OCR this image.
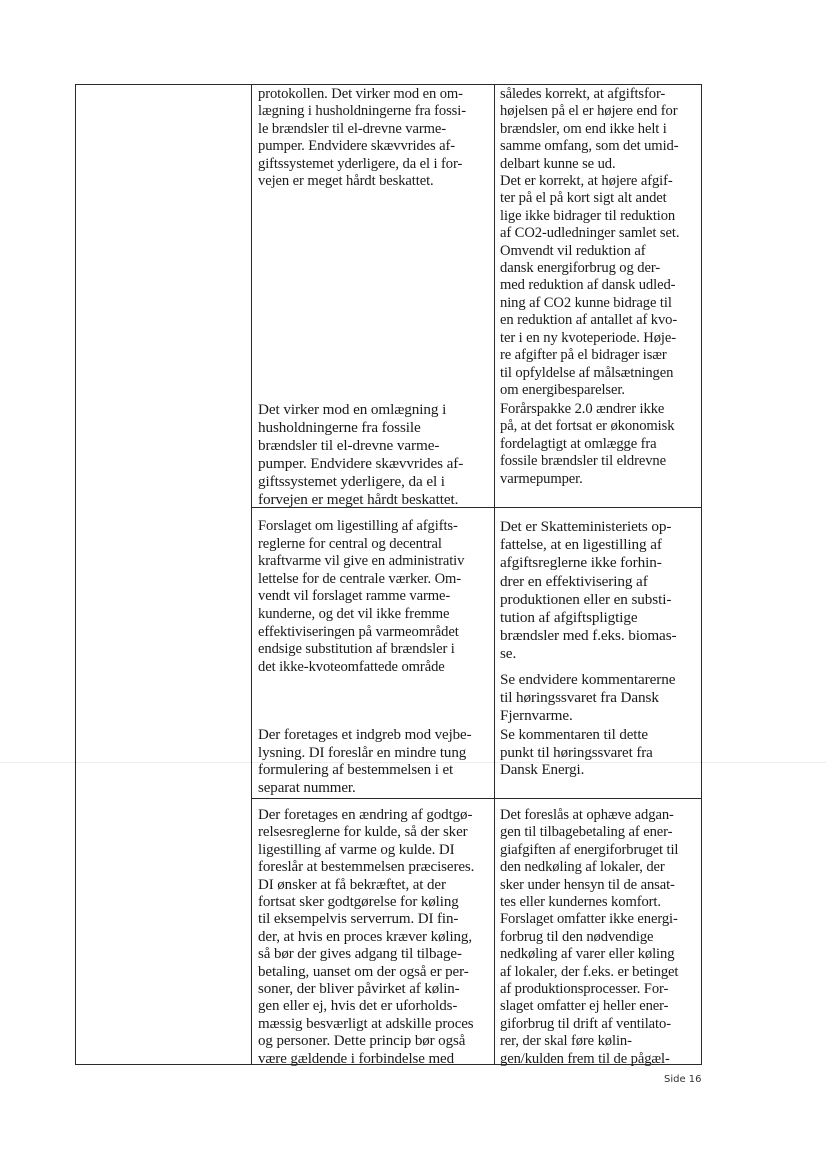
protokollen. Det virker mod en om-
lægning i husholdningerne fra fossi-
le brændsler til el-drevne varme-
pumper. Endvidere skævvrides af-
giftssystemet yderligere, da el i for-
vejen er meget hårdt beskattet.
således korrekt, at afgiftsfor-
højelsen på el er højere end for
brændsler, om end ikke helt i
samme omfang, som det umid-
delbart kunne se ud.
Det er korrekt, at højere afgif-
ter på el på kort sigt alt andet
lige ikke bidrager til reduktion
af CO2-udledninger samlet set.
Omvendt vil reduktion af
dansk energiforbrug og der-
med reduktion af dansk udled-
ning af CO2 kunne bidrage til
en reduktion af antallet af kvo-
ter i en ny kvoteperiode. Høje-
re afgifter på el bidrager især
til opfyldelse af målsætningen
om energibesparelser.
Det virker mod en omlægning i
husholdningerne fra fossile
brændsler til el-drevne varme-
pumper. Endvidere skævvrides af-
giftssystemet yderligere, da el i
forvejen er meget hårdt beskattet.
Forårspakke 2.0 ændrer ikke
på, at det fortsat er økonomisk
fordelagtigt at omlægge fra
fossile brændsler til eldrevne
varmepumper.
Forslaget om ligestilling af afgifts-
reglerne for central og decentral
kraftvarme vil give en administrativ
lettelse for de centrale værker. Om-
vendt vil forslaget ramme varme-
kunderne, og det vil ikke fremme
effektiviseringen på varmeområdet
endsige substitution af brændsler i
det ikke-kvoteomfattede område
Det er Skatteministeriets op-
fattelse, at en ligestilling af
afgiftsreglerne ikke forhin-
drer en effektivisering af
produktionen eller en substi-
tution af afgiftspligtige
brændsler med f.eks. biomas-
se.
Se endvidere kommentarerne
til høringssvaret fra Dansk
Fjernvarme.
Der foretages et indgreb mod vejbe-
lysning. DI foreslår en mindre tung
formulering af bestemmelsen i et
separat nummer.
Se kommentaren til dette
punkt til høringssvaret fra
Dansk Energi.
Der foretages en ændring af godtgø-
relsesreglerne for kulde, så der sker
ligestilling af varme og kulde. DI
foreslår at bestemmelsen præciseres.
DI ønsker at få bekræftet, at der
fortsat sker godtgørelse for køling
til eksempelvis serverrum. DI fin-
der, at hvis en proces kræver køling,
så bør der gives adgang til tilbage-
betaling, uanset om der også er per-
soner, der bliver påvirket af kølin-
gen eller ej, hvis det er uforholds-
mæssig besværligt at adskille proces
og personer. Dette princip bør også
være gældende i forbindelse med
Det foreslås at ophæve adgan-
gen til tilbagebetaling af ener-
giafgiften af energiforbruget til
den nedkøling af lokaler, der
sker under hensyn til de ansat-
tes eller kundernes komfort.
Forslaget omfatter ikke energi-
forbrug til den nødvendige
nedkøling af varer eller køling
af lokaler, der f.eks. er betinget
af produktionsprocesser. For-
slaget omfatter ej heller ener-
giforbrug til drift af ventilato-
rer, der skal føre kølin-
gen/kulden frem til de pågæl-
Side 16
